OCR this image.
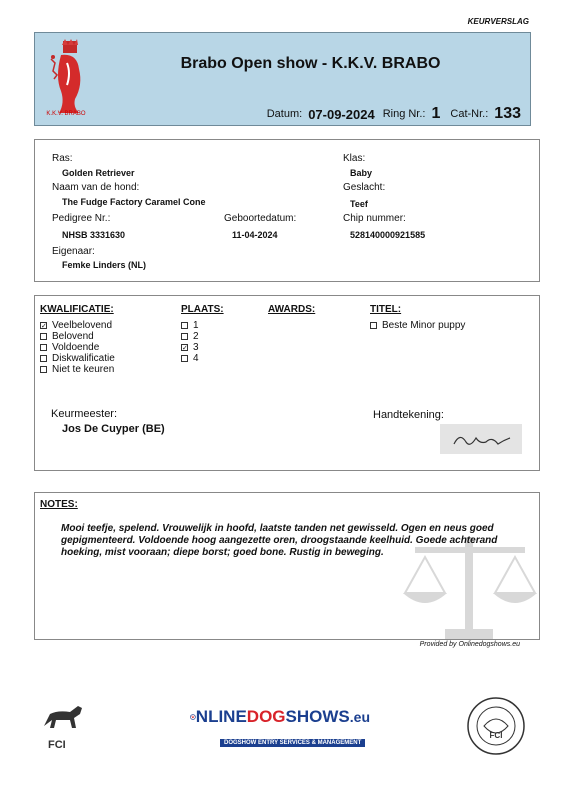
KEURVERSLAG
K.K.V. BRABO
Brabo Open show - K.K.V. BRABO
Datum: 07-09-2024 Ring Nr.: 1 Cat-Nr.: 133
Ras:
Golden Retriever
Naam van de hond:
The Fudge Factory Caramel Cone
Pedigree Nr.:
NHSB 3331630
Geboortedatum:
11-04-2024
Eigenaar:
Femke Linders (NL)
Klas:
Baby
Geslacht:
Teef
Chip nummer:
528140000921585
KWALIFICATIE:
✓ Veelbelovend
Belovend
Voldoende
Diskwalificatie
Niet te keuren
PLAATS:
1
2
✓ 3
4
AWARDS:	TITEL:
Beste Minor puppy
Keurmeester:
Jos De Cuyper (BE)
Handtekening:
NOTES:
Mooi teefje, spelend. Vrouwelijk in hoofd, laatste tanden net gewisseld. Ogen en neus goed gepigmenteerd. Voldoende hoog aangezette oren, droogstaande keelhuid. Goede achterand hoeking, mist vooraan; diepe borst; goed bone. Rustig in beweging.
Provided by Onlinedogshows.eu
FCI
NLINE DOG SHOWS .eu
DOGSHOW ENTRY SERVICES & MANAGEMENT
FCI
